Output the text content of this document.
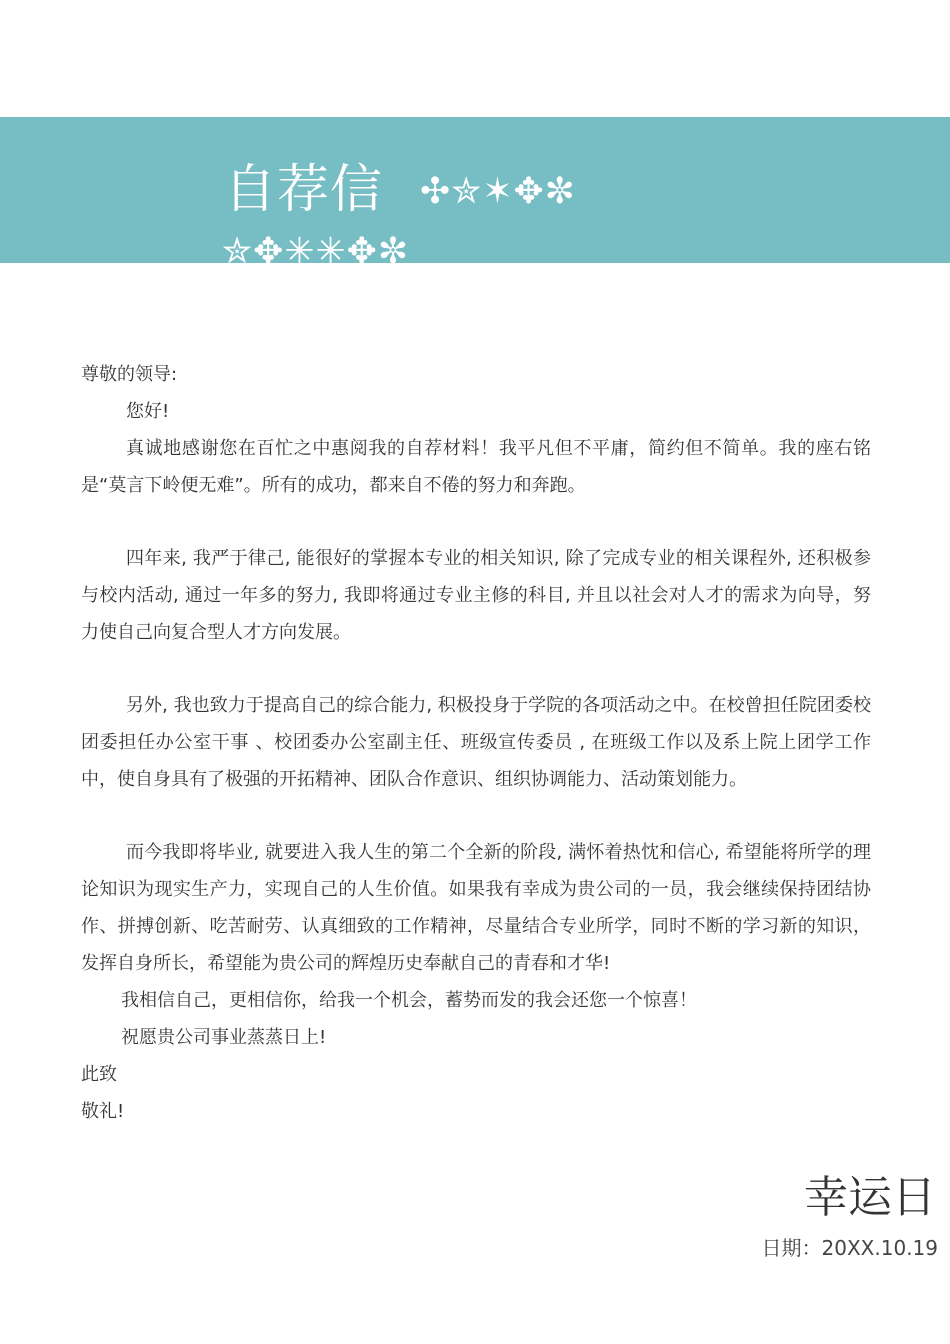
自荐信 ✣✮✶✥✼
✮✥✳✳✥✼

尊敬的领导:

您好!

真诚地感谢您在百忙之中惠阅我的自荐材料！我平凡但不平庸，简约但不简单。我的座右铭是“莫言下岭便无难”。所有的成功，都来自不倦的努力和奔跑。

四年来, 我严于律己, 能很好的掌握本专业的相关知识, 除了完成专业的相关课程外, 还积极参与校内活动, 通过一年多的努力, 我即将通过专业主修的科目, 并且以社会对人才的需求为向导，努力使自己向复合型人才方向发展。

另外, 我也致力于提高自己的综合能力, 积极投身于学院的各项活动之中。在校曾担任院团委校团委担任办公室干事 、校团委办公室副主任、班级宣传委员 , 在班级工作以及系上院上团学工作中，使自身具有了极强的开拓精神、团队合作意识、组织协调能力、活动策划能力。

而今我即将毕业, 就要进入我人生的第二个全新的阶段, 满怀着热忱和信心, 希望能将所学的理论知识为现实生产力，实现自己的人生价值。如果我有幸成为贵公司的一员，我会继续保持团结协作、拼搏创新、吃苦耐劳、认真细致的工作精神，尽量结合专业所学，同时不断的学习新的知识，发挥自身所长，希望能为贵公司的辉煌历史奉献自己的青春和才华!

我相信自己，更相信你，给我一个机会，蓄势而发的我会还您一个惊喜！

祝愿贵公司事业蒸蒸日上!

此致

敬礼!

幸运日
日期：20XX.10.19
